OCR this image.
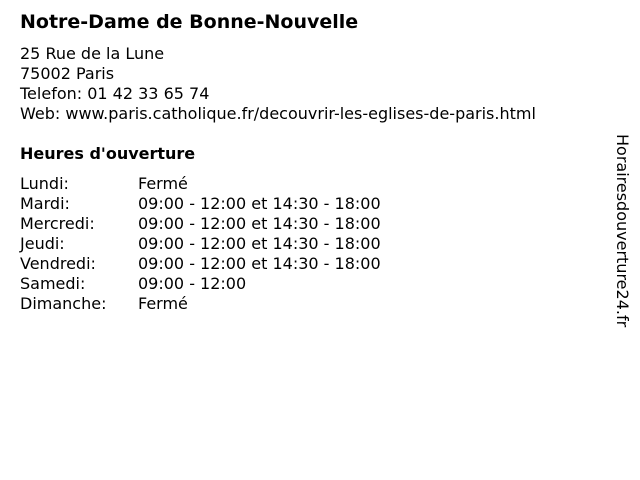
Notre-Dame de Bonne-Nouvelle
25 Rue de la Lune
75002 Paris
Telefon: 01 42 33 65 74
Web: www.paris.catholique.fr/decouvrir-les-eglises-de-paris.html
Heures d'ouverture
Lundi:	Fermé
Mardi:	09:00 - 12:00 et 14:30 - 18:00
Mercredi:	09:00 - 12:00 et 14:30 - 18:00
Jeudi:	09:00 - 12:00 et 14:30 - 18:00
Vendredi:	09:00 - 12:00 et 14:30 - 18:00
Samedi:	09:00 - 12:00
Dimanche: Fermé	Horairesdouverture24.fr
